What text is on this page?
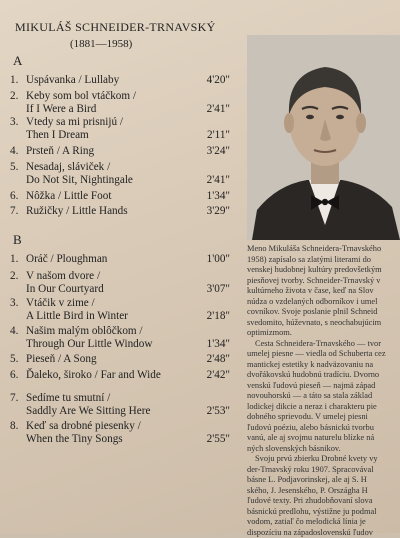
MIKULÁŠ SCHNEIDER-TRNAVSKÝ
(1881—1958)
A
1. Uspávanka / Lullaby	4'20"
2. Keby som bol vtáčkom /
If I Were a Bird	2'41"
3. Vtedy sa mi prisnijú /
Then I Dream	2'11"
4. Prsteň / A Ring	3'24"
5. Nesadaj, sláviček /
Do Not Sit, Nightingale	2'41"
6. Nôžka / Little Foot	1'34"
7. Ružičky / Little Hands	3'29"
B
1. Oráč / Ploughman	1'00"
2. V našom dvore /
In Our Courtyard	3'07"
3. Vtáčik v zime /
A Little Bird in Winter	2'18"
4. Našim malým oblôčkom /
Through Our Little Window	1'34"
5. Pieseň / A Song	2'48"
6. Ďaleko, široko / Far and Wide	2'42"
7. Sedíme tu smutní /
Saddly Are We Sitting Here	2'53"
8. Keď sa drobné piesenky /
When the Tiny Songs	2'55"

Meno Mikuláša Schneidera-Trnavského

1958) zapísalo sa zlatými literami do

venskej hudobnej kultúry predovšetkým

piesňovej tvorby. Schneider-Trnavský v

kultúrneho života v čase, keď na Slov

núdza o vzdelaných odborníkov i umel

covníkov. Svoje poslanie plnil Schneid

svedomito, húževnato, s neochabujúcim

optimizmom.

Cesta Schneidera-Trnavského — tvor

umelej piesne — viedla od Schuberta cez

mantickej estetiky k nadväzovaniu na

dvořákovskú hudobnú tradíciu. Dvorno

venskú ľudovú pieseň — najmä západ

novouhorskú — a táto sa stala základ

lodickej dikcie a neraz i charakteru pie

dobného sprievodu. V umelej piesni

ľudovú poéziu, alebo básnickú tvorbu

vanú, ale aj svojmu naturelu blízke ná

ných slovenských básnikov.

Svoju prvú zbierku Drobné kvety vy

der-Trnavský roku 1907. Spracovával

básne L. Podjavorinskej, ale aj S. H

ského, J. Jesenského, P. Országha H

ľudové texty. Pri zhudobňovaní slova

básnickú predlohu, výstižne ju podmal

vodom, zatiaľ čo melodická línia je

dispozíciu na západoslovenskú ľudov
